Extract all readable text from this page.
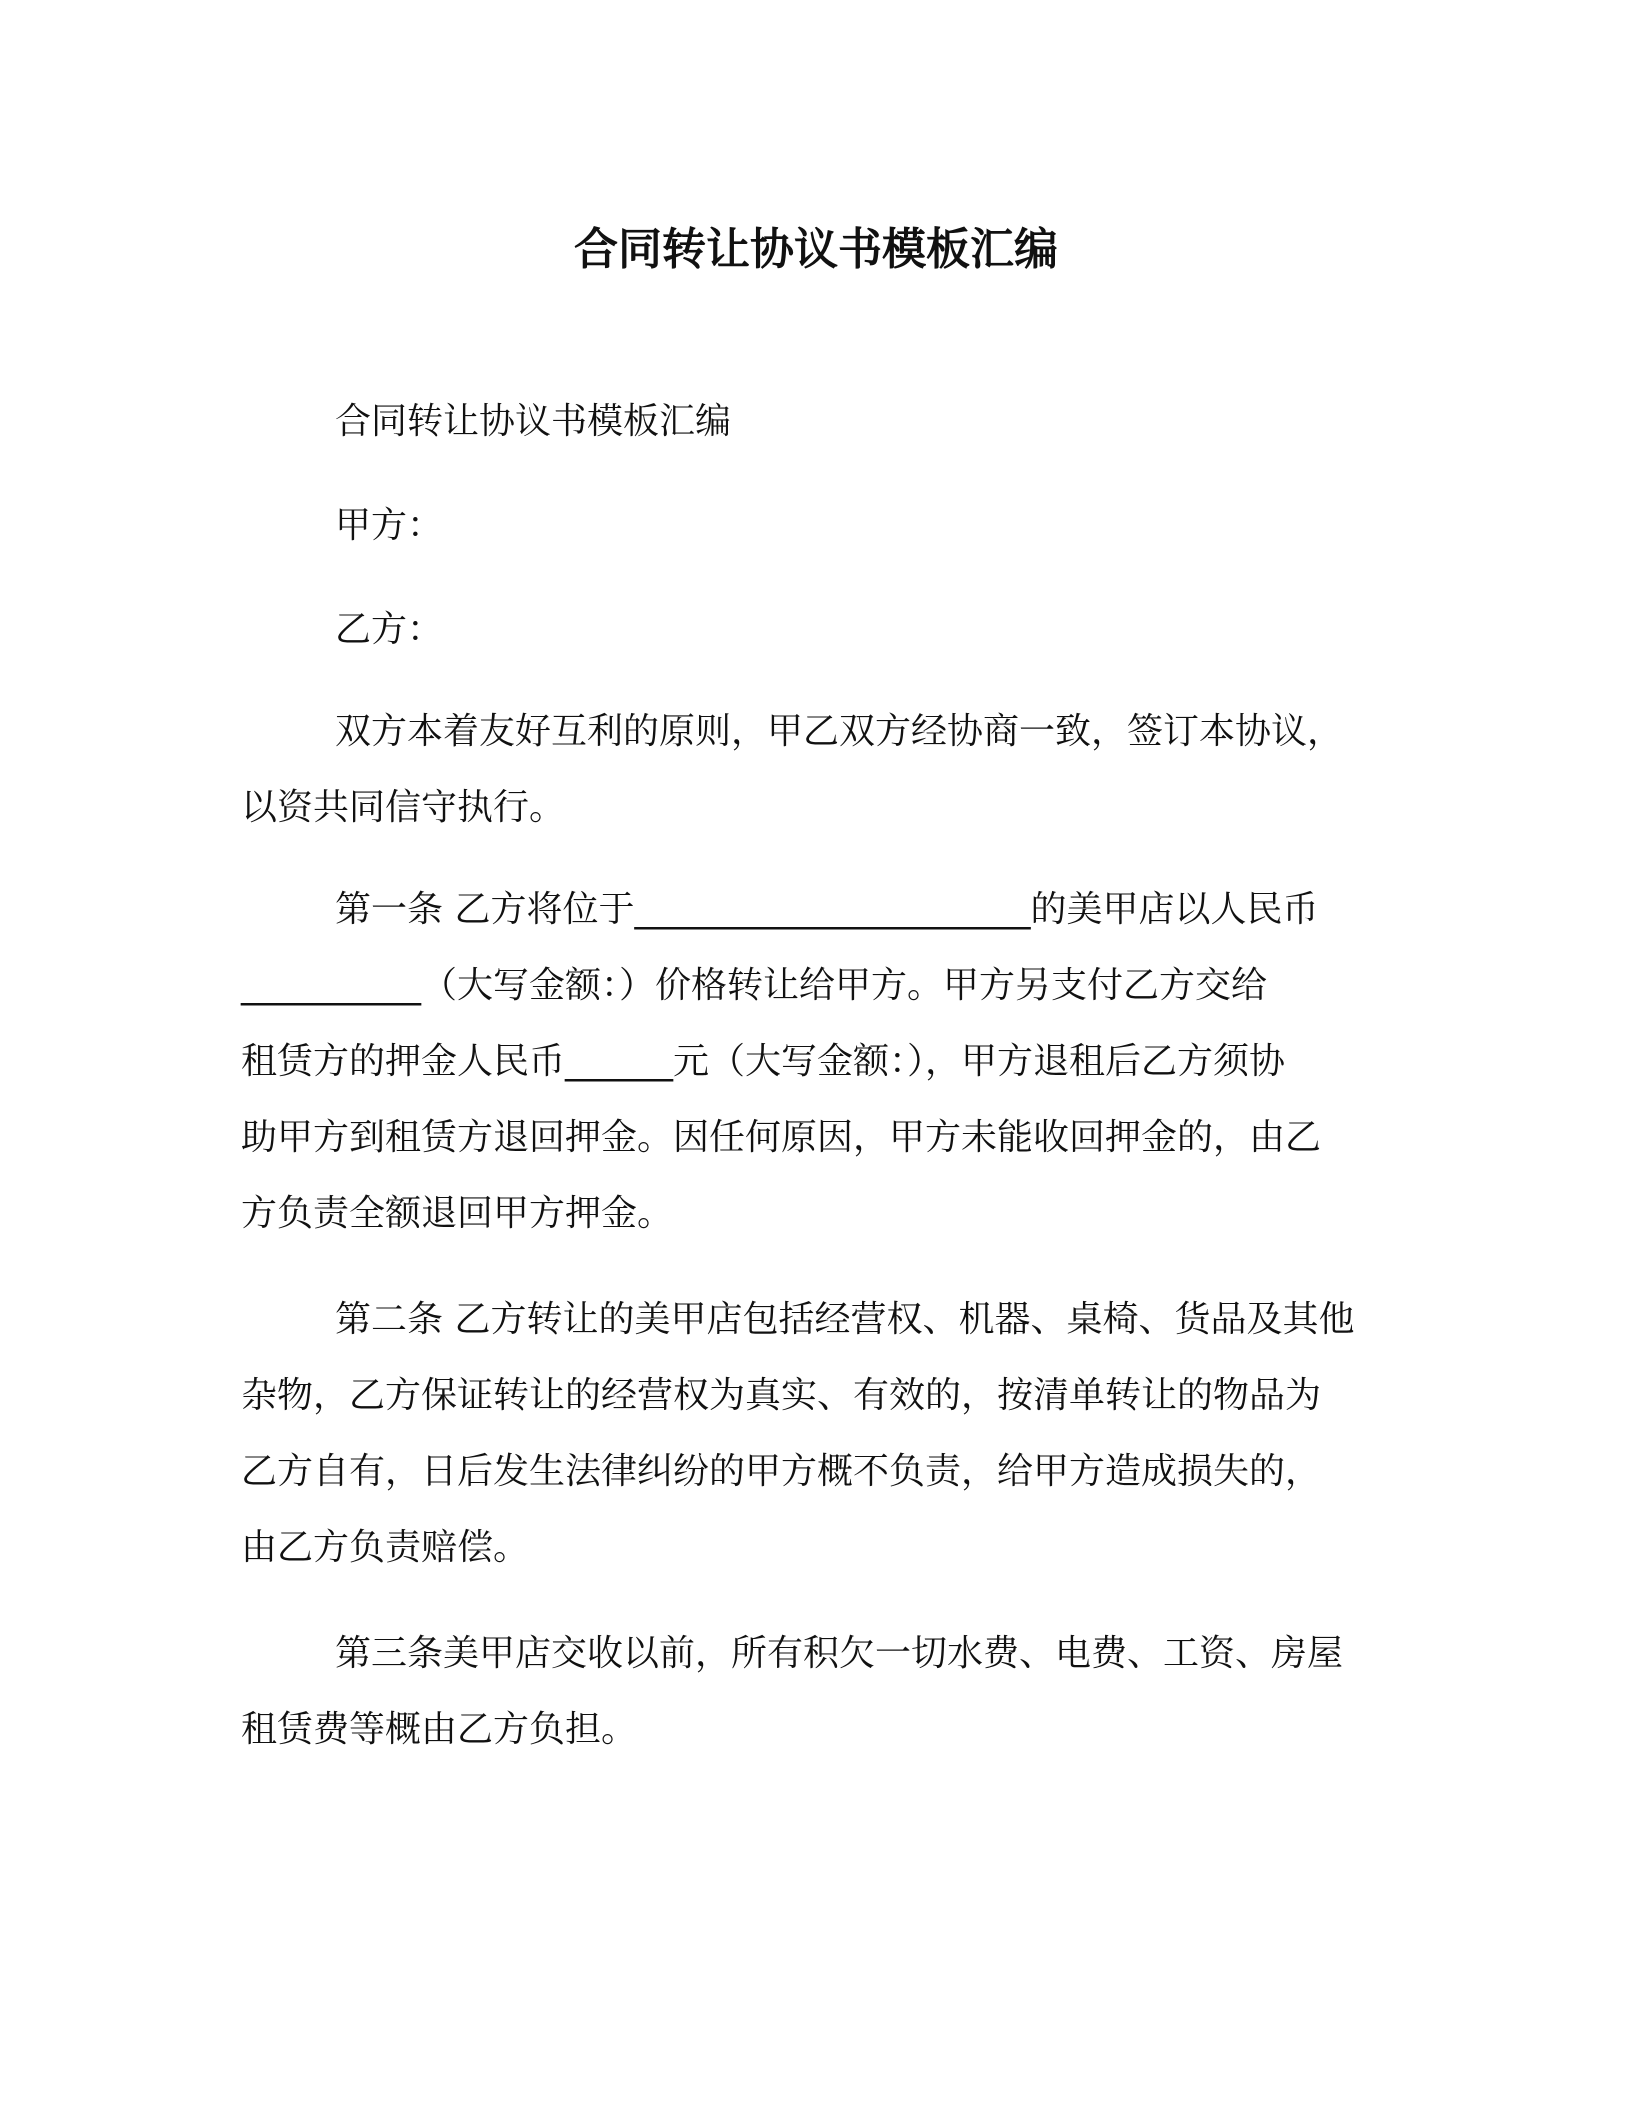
合同转让协议书模板汇编
合同转让协议书模板汇编
甲方：
乙方：
双方本着友好互利的原则，甲乙双方经协商一致，签订本协议，
以资共同信守执行。
第一条 乙方将位于______________________的美甲店以人民币
__________（大写金额：）价格转让给甲方。甲方另支付乙方交给
租赁方的押金人民币______元（大写金额：），甲方退租后乙方须协
助甲方到租赁方退回押金。因任何原因，甲方未能收回押金的，由乙
方负责全额退回甲方押金。
第二条 乙方转让的美甲店包括经营权、机器、桌椅、货品及其他
杂物，乙方保证转让的经营权为真实、有效的，按清单转让的物品为
乙方自有，日后发生法律纠纷的甲方概不负责，给甲方造成损失的，
由乙方负责赔偿。
第三条美甲店交收以前，所有积欠一切水费、电费、工资、房屋
租赁费等概由乙方负担。
